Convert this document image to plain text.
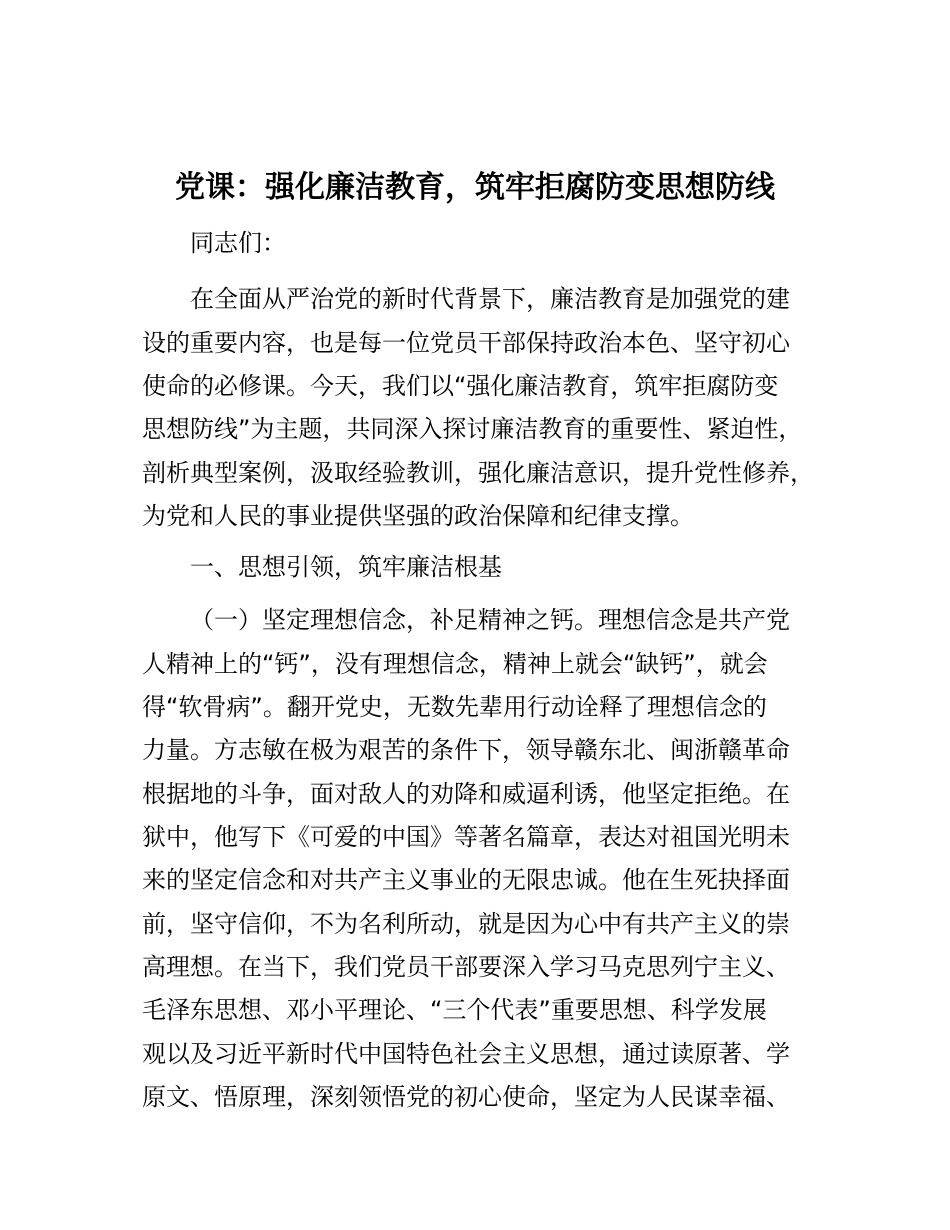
党课：强化廉洁教育，筑牢拒腐防变思想防线
同志们：
在全面从严治党的新时代背景下，廉洁教育是加强党的建
设的重要内容，也是每一位党员干部保持政治本色、坚守初心
使命的必修课。今天，我们以“强化廉洁教育，筑牢拒腐防变
思想防线”为主题，共同深入探讨廉洁教育的重要性、紧迫性，
剖析典型案例，汲取经验教训，强化廉洁意识，提升党性修养，
为党和人民的事业提供坚强的政治保障和纪律支撑。
一、思想引领，筑牢廉洁根基
（一）坚定理想信念，补足精神之钙。理想信念是共产党
人精神上的“钙”，没有理想信念，精神上就会“缺钙”，就会
得“软骨病”。翻开党史，无数先辈用行动诠释了理想信念的
力量。方志敏在极为艰苦的条件下，领导赣东北、闽浙赣革命
根据地的斗争，面对敌人的劝降和威逼利诱，他坚定拒绝。在
狱中，他写下《可爱的中国》等著名篇章，表达对祖国光明未
来的坚定信念和对共产主义事业的无限忠诚。他在生死抉择面
前，坚守信仰，不为名利所动，就是因为心中有共产主义的崇
高理想。在当下，我们党员干部要深入学习马克思列宁主义、
毛泽东思想、邓小平理论、“三个代表”重要思想、科学发展
观以及习近平新时代中国特色社会主义思想，通过读原著、学
原文、悟原理，深刻领悟党的初心使命，坚定为人民谋幸福、
